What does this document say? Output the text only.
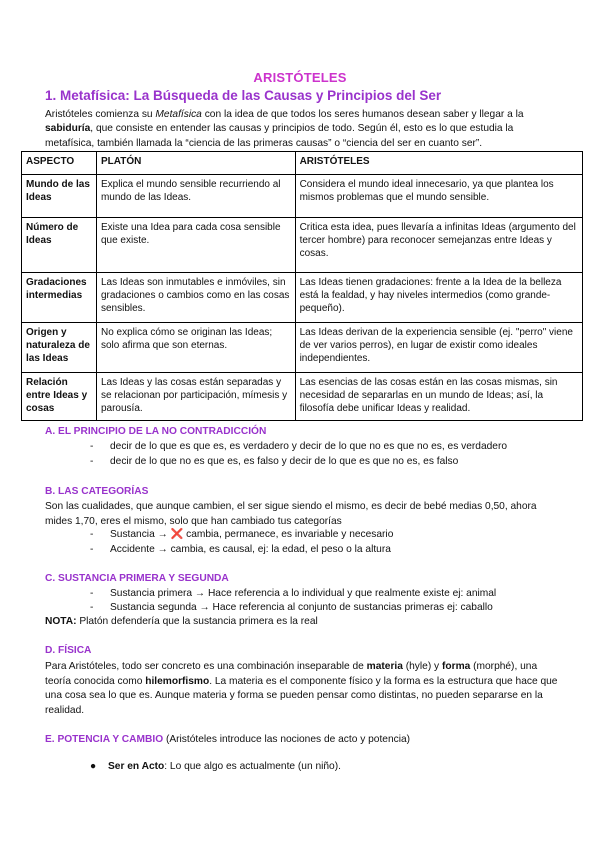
ARISTÓTELES
1. Metafísica: La Búsqueda de las Causas y Principios del Ser
Aristóteles comienza su Metafísica con la idea de que todos los seres humanos desean saber y llegar a la sabiduría, que consiste en entender las causas y principios de todo. Según él, esto es lo que estudia la metafísica, también llamada la “ciencia de las primeras causas” o “ciencia del ser en cuanto ser”.
ASPECTO	PLATÓN	ARISTÓTELES
Mundo de las Ideas	Explica el mundo sensible recurriendo al mundo de las Ideas.	Considera el mundo ideal innecesario, ya que plantea los mismos problemas que el mundo sensible.
Número de Ideas	Existe una Idea para cada cosa sensible que existe.	Critica esta idea, pues llevaría a infinitas Ideas (argumento del tercer hombre) para reconocer semejanzas entre Ideas y cosas.
Gradaciones intermedias	Las Ideas son inmutables e inmóviles, sin gradaciones o cambios como en las cosas sensibles.	Las Ideas tienen gradaciones: frente a la Idea de la belleza está la fealdad, y hay niveles intermedios (como grande-pequeño).
Origen y naturaleza de las Ideas	No explica cómo se originan las Ideas; solo afirma que son eternas.	Las Ideas derivan de la experiencia sensible (ej. "perro" viene de ver varios perros), en lugar de existir como ideales independientes.
Relación entre Ideas y cosas	Las Ideas y las cosas están separadas y se relacionan por participación, mímesis y parousía.	Las esencias de las cosas están en las cosas mismas, sin necesidad de separarlas en un mundo de Ideas; así, la filosofía debe unificar Ideas y realidad.
A. EL PRINCIPIO DE LA NO CONTRADICCIÓN
- decir de lo que es que es, es verdadero y decir de lo que no es que no es, es verdadero
- decir de lo que no es que es, es falso y decir de lo que es que no es, es falso
B. LAS CATEGORÍAS
Son las cualidades, que aunque cambien, el ser sigue siendo el mismo, es decir de bebé medias 0,50, ahora mides 1,70, eres el mismo, solo que han cambiado tus categorías
- Sustancia → ❌ cambia, permanece, es invariable y necesario
- Accidente → cambia, es causal, ej: la edad, el peso o la altura
C. SUSTANCIA PRIMERA Y SEGUNDA
- Sustancia primera → Hace referencia a lo individual y que realmente existe ej: animal
- Sustancia segunda → Hace referencia al conjunto de sustancias primeras ej: caballo
NOTA: Platón defendería que la sustancia primera es la real
D. FÍSICA
Para Aristóteles, todo ser concreto es una combinación inseparable de materia (hyle) y forma (morphé), una teoría conocida como hilemorfismo. La materia es el componente físico y la forma es la estructura que hace que una cosa sea lo que es. Aunque materia y forma se pueden pensar como distintas, no pueden separarse en la realidad.
E. POTENCIA Y CAMBIO (Aristóteles introduce las nociones de acto y potencia)
● Ser en Acto: Lo que algo es actualmente (un niño).
